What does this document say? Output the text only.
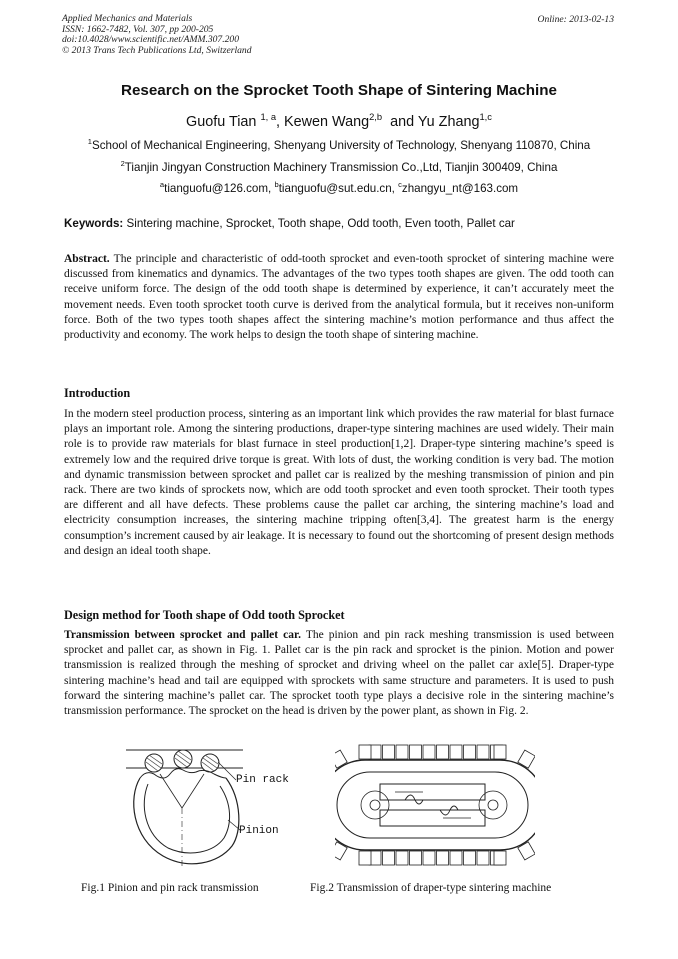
Applied Mechanics and Materials
ISSN: 1662-7482, Vol. 307, pp 200-205
doi:10.4028/www.scientific.net/AMM.307.200
© 2013 Trans Tech Publications Ltd, Switzerland
Online: 2013-02-13
Research on the Sprocket Tooth Shape of Sintering Machine
Guofu Tian $^{1, a}$, Kewen Wang$^{2,b}$ and Yu Zhang$^{1,c}$
$^1$School of Mechanical Engineering, Shenyang University of Technology, Shenyang 110870, China
$^2$Tianjin Jingyan Construction Machinery Transmission Co.,Ltd, Tianjin 300409, China
$^a$tianguofu@126.com, $^b$tianguofu@sut.edu.cn, $^c$zhangyu_nt@163.com
Keywords: Sintering machine, Sprocket, Tooth shape, Odd tooth, Even tooth, Pallet car
Abstract. The principle and characteristic of odd-tooth sprocket and even-tooth sprocket of sintering machine were discussed from kinematics and dynamics. The advantages of the two types tooth shapes are given. The odd tooth can receive uniform force. The design of the odd tooth shape is determined by experience, it can’t accurately meet the movement needs. Even tooth sprocket tooth curve is derived from the analytical formula, but it receives non-uniform force. Both of the two types tooth shapes affect the sintering machine’s motion performance and thus affect the productivity and economy. The work helps to design the tooth shape of sintering machine.
Introduction
In the modern steel production process, sintering as an important link which provides the raw material for blast furnace plays an important role. Among the sintering productions, draper-type sintering machines are used widely. Their main role is to provide raw materials for blast furnace in steel production[1,2]. Draper-type sintering machine’s speed is extremely low and the required drive torque is great. With lots of dust, the working condition is very bad. The motion and dynamic transmission between sprocket and pallet car is realized by the meshing transmission of pinion and pin rack. There are two kinds of sprockets now, which are odd tooth sprocket and even tooth sprocket. Their tooth types are different and all have defects. These problems cause the pallet car arching, the sintering machine’s load and electricity consumption increases, the sintering machine tripping often[3,4]. The greatest harm is the energy consumption’s increment caused by air leakage. It is necessary to found out the shortcoming of present design methods and design an ideal tooth shape.
Design method for Tooth shape of Odd tooth Sprocket
Transmission between sprocket and pallet car. The pinion and pin rack meshing transmission is used between sprocket and pallet car, as shown in Fig. 1. Pallet car is the pin rack and sprocket is the pinion. Motion and power transmission is realized through the meshing of sprocket and driving wheel on the pallet car axle[5]. Draper-type sintering machine’s head and tail are equipped with sprockets with same structure and parameters. It is used to push forward the sintering machine’s pallet car. The sprocket tooth type plays a decisive role in the sintering machine’s transmission performance. The sprocket on the head is driven by the power plant, as shown in Fig. 2.
Pin rack
Pinion
Fig.1 Pinion and pin rack transmission	Fig.2 Transmission of draper-type sintering machine
